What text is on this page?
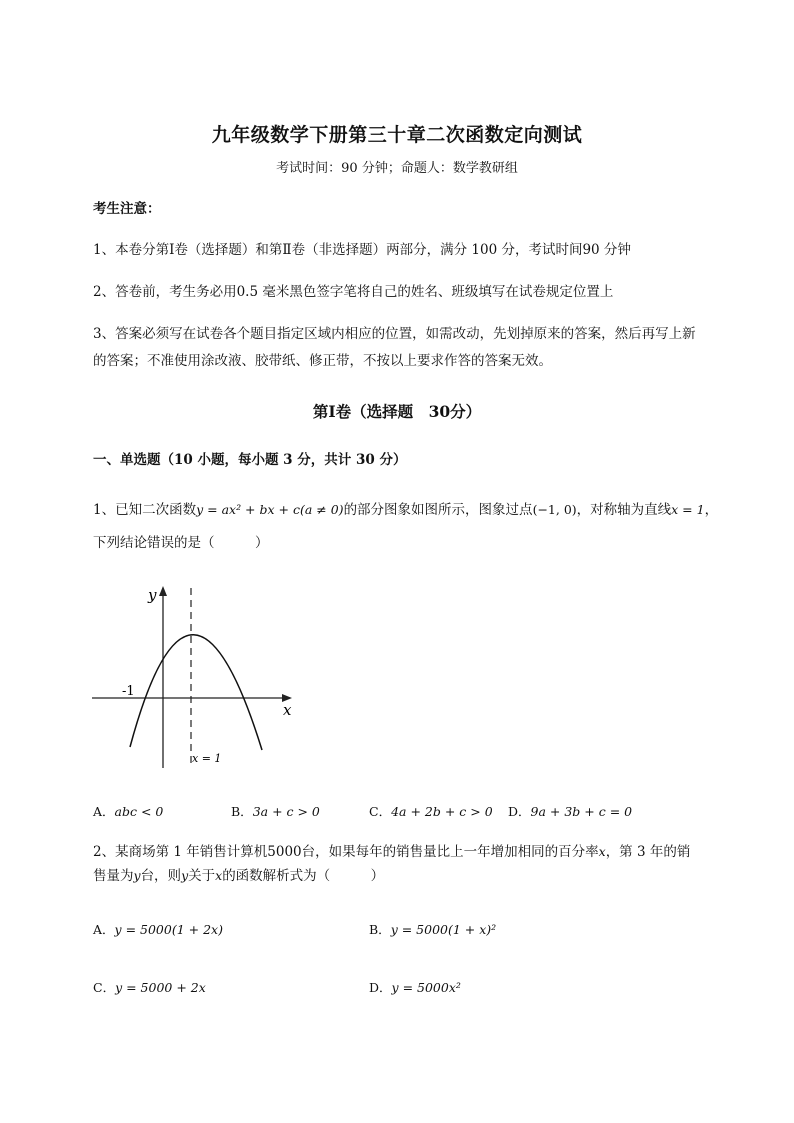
九年级数学下册第三十章二次函数定向测试
考试时间：90 分钟；命题人：数学教研组
考生注意：
1、本卷分第Ⅰ卷（选择题）和第Ⅱ卷（非选择题）两部分，满分 100 分，考试时间90 分钟
2、答卷前，考生务必用0.5 毫米黑色签字笔将自己的姓名、班级填写在试卷规定位置上
3、答案必须写在试卷各个题目指定区域内相应的位置，如需改动，先划掉原来的答案，然后再写上新
的答案；不准使用涂改液、胶带纸、修正带，不按以上要求作答的答案无效。
第Ⅰ卷（选择题　30分）
一、单选题（10 小题，每小题 3 分，共计 30 分）
1、已知二次函数y = ax² + bx + c(a ≠ 0)的部分图象如图所示，图象过点(−1, 0)，对称轴为直线x = 1，
下列结论错误的是（　　　）
y
x
-1
x = 1
A．abc < 0	B．3a + c > 0	C．4a + 2b + c > 0 D．9a + 3b + c = 0
2、某商场第 1 年销售计算机5000台，如果每年的销售量比上一年增加相同的百分率x，第 3 年的销
售量为y台，则y关于x的函数解析式为（　　　）
A．y = 5000(1 + 2x)	B．y = 5000(1 + x)²
C．y = 5000 + 2x	D．y = 5000x²
